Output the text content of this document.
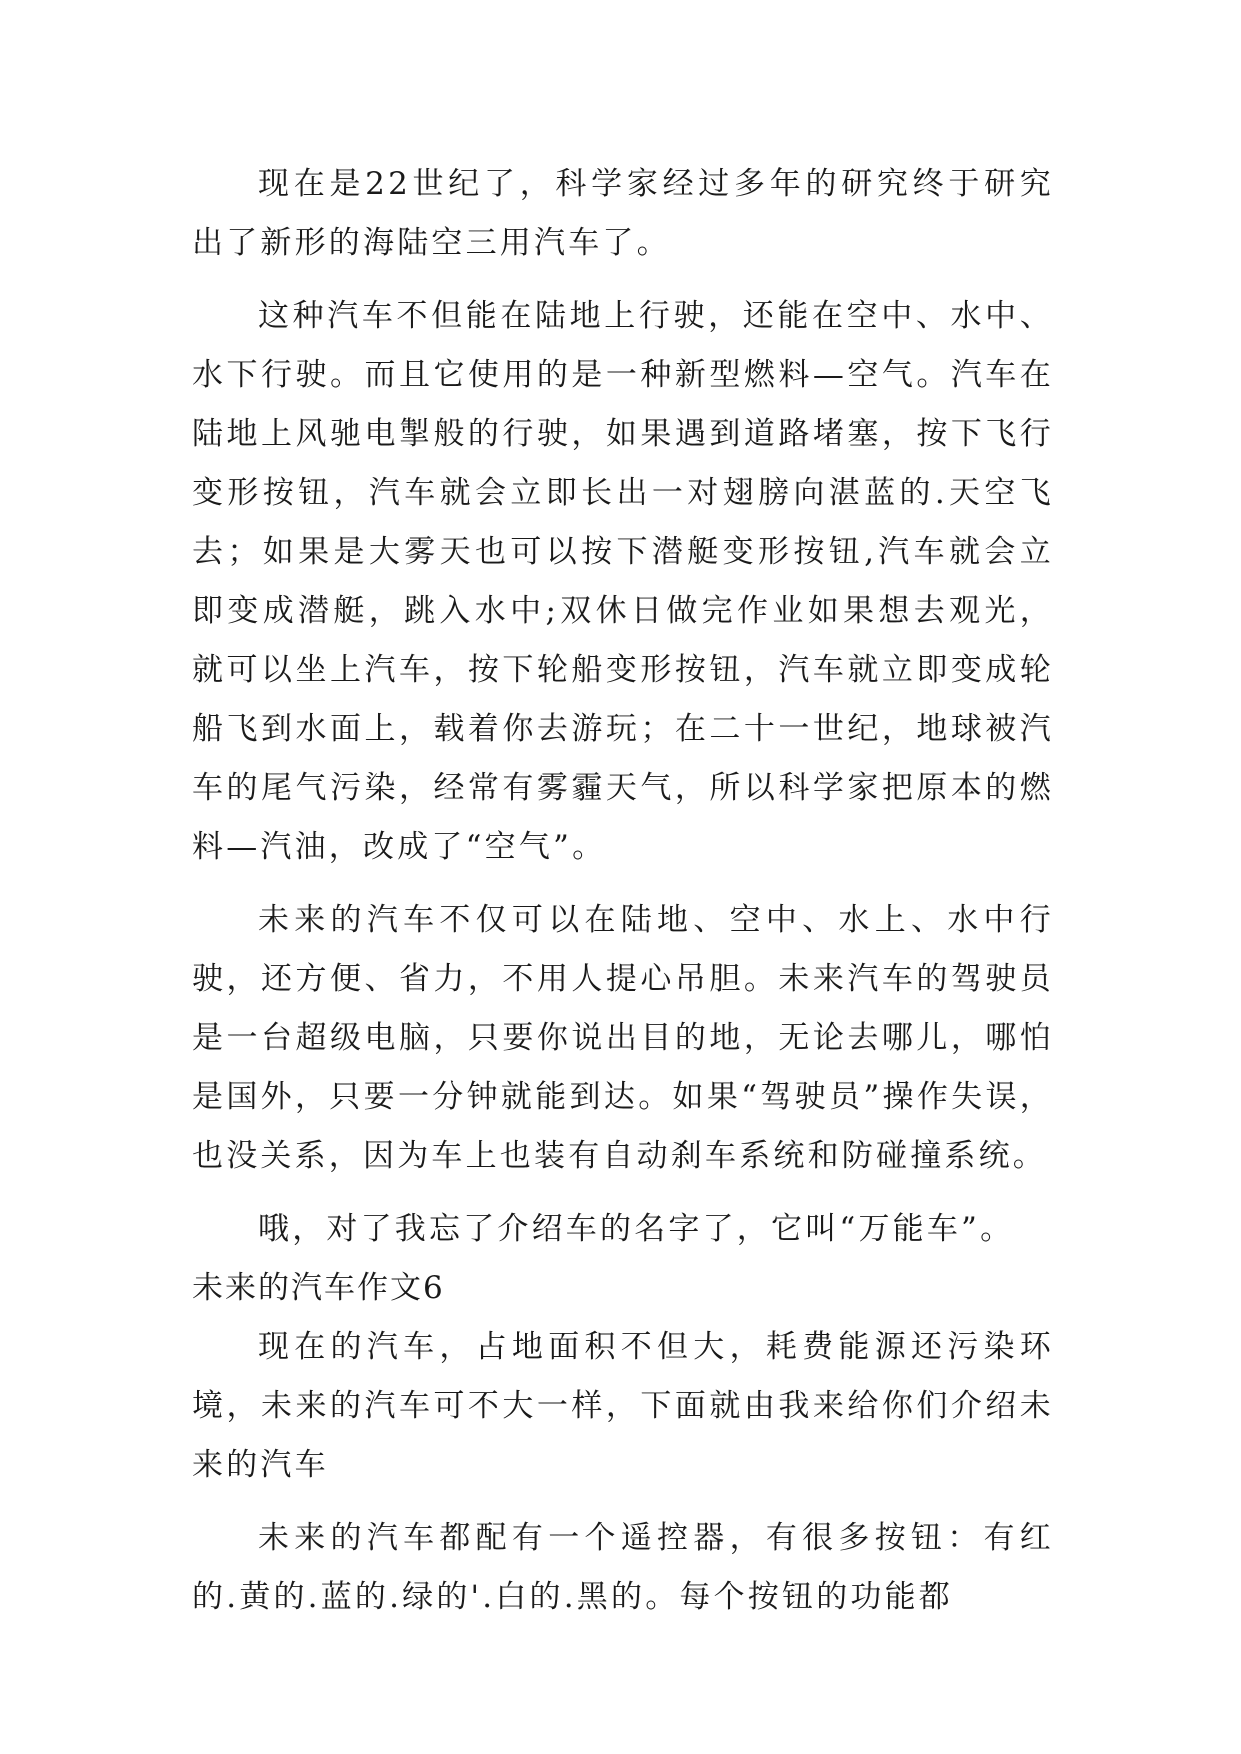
现在是22世纪了，科学家经过多年的研究终于研究出了新形的海陆空三用汽车了。

这种汽车不但能在陆地上行驶，还能在空中、水中、水下行驶。而且它使用的是一种新型燃料—空气。汽车在陆地上风驰电掣般的行驶，如果遇到道路堵塞，按下飞行变形按钮，汽车就会立即长出一对翅膀向湛蓝的.天空飞去；如果是大雾天也可以按下潜艇变形按钮,汽车就会立即变成潜艇，跳入水中;双休日做完作业如果想去观光，就可以坐上汽车，按下轮船变形按钮，汽车就立即变成轮船飞到水面上，载着你去游玩；在二十一世纪，地球被汽车的尾气污染，经常有雾霾天气，所以科学家把原本的燃料—汽油，改成了“空气”。

未来的汽车不仅可以在陆地、空中、水上、水中行驶，还方便、省力，不用人提心吊胆。未来汽车的驾驶员是一台超级电脑，只要你说出目的地，无论去哪儿，哪怕是国外，只要一分钟就能到达。如果“驾驶员”操作失误，也没关系，因为车上也装有自动刹车系统和防碰撞系统。

哦，对了我忘了介绍车的名字了，它叫“万能车”。

未来的汽车作文6

现在的汽车，占地面积不但大，耗费能源还污染环境，未来的汽车可不大一样，下面就由我来给你们介绍未来的汽车

未来的汽车都配有一个遥控器，有很多按钮：有红的.黄的.蓝的.绿的'.白的.黑的。每个按钮的功能都
